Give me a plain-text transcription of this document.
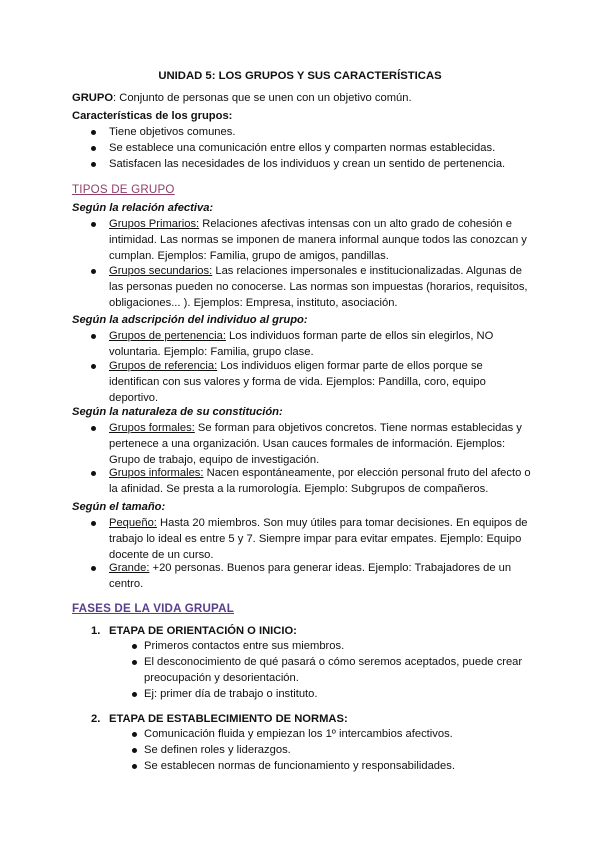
UNIDAD 5: LOS GRUPOS Y SUS CARACTERÍSTICAS
GRUPO: Conjunto de personas que se unen con un objetivo común.
Características de los grupos:
Tiene objetivos comunes.
Se establece una comunicación entre ellos y comparten normas establecidas.
Satisfacen las necesidades de los individuos y crean un sentido de pertenencia.
TIPOS DE GRUPO
Según la relación afectiva:
Grupos Primarios: Relaciones afectivas intensas con un alto grado de cohesión e
intimidad. Las normas se imponen de manera informal aunque todos las conozcan y
cumplan. Ejemplos: Familia, grupo de amigos, pandillas.
Grupos secundarios: Las relaciones impersonales e institucionalizadas. Algunas de
las personas pueden no conocerse. Las normas son impuestas (horarios, requisitos,
obligaciones... ). Ejemplos: Empresa, instituto, asociación.
Según la adscripción del individuo al grupo:
Grupos de pertenencia: Los individuos forman parte de ellos sin elegirlos, NO
voluntaria. Ejemplo: Familia, grupo clase.
Grupos de referencia: Los individuos eligen formar parte de ellos porque se
identifican con sus valores y forma de vida. Ejemplos: Pandilla, coro, equipo
deportivo.
Según la naturaleza de su constitución:
Grupos formales: Se forman para objetivos concretos. Tiene normas establecidas y
pertenece a una organización. Usan cauces formales de información. Ejemplos:
Grupo de trabajo, equipo de investigación.
Grupos informales: Nacen espontáneamente, por elección personal fruto del afecto o
la afinidad. Se presta a la rumorología. Ejemplo: Subgrupos de compañeros.
Según el tamaño:
Pequeño: Hasta 20 miembros. Son muy útiles para tomar decisiones. En equipos de
trabajo lo ideal es entre 5 y 7. Siempre impar para evitar empates. Ejemplo: Equipo
docente de un curso.
Grande: +20 personas. Buenos para generar ideas. Ejemplo: Trabajadores de un
centro.
FASES DE LA VIDA GRUPAL
1. ETAPA DE ORIENTACIÓN O INICIO:
Primeros contactos entre sus miembros.
El desconocimiento de qué pasará o cómo seremos aceptados, puede crear
preocupación y desorientación.
Ej: primer día de trabajo o instituto.
2. ETAPA DE ESTABLECIMIENTO DE NORMAS:
Comunicación fluida y empiezan los 1º intercambios afectivos.
Se definen roles y liderazgos.
Se establecen normas de funcionamiento y responsabilidades.
